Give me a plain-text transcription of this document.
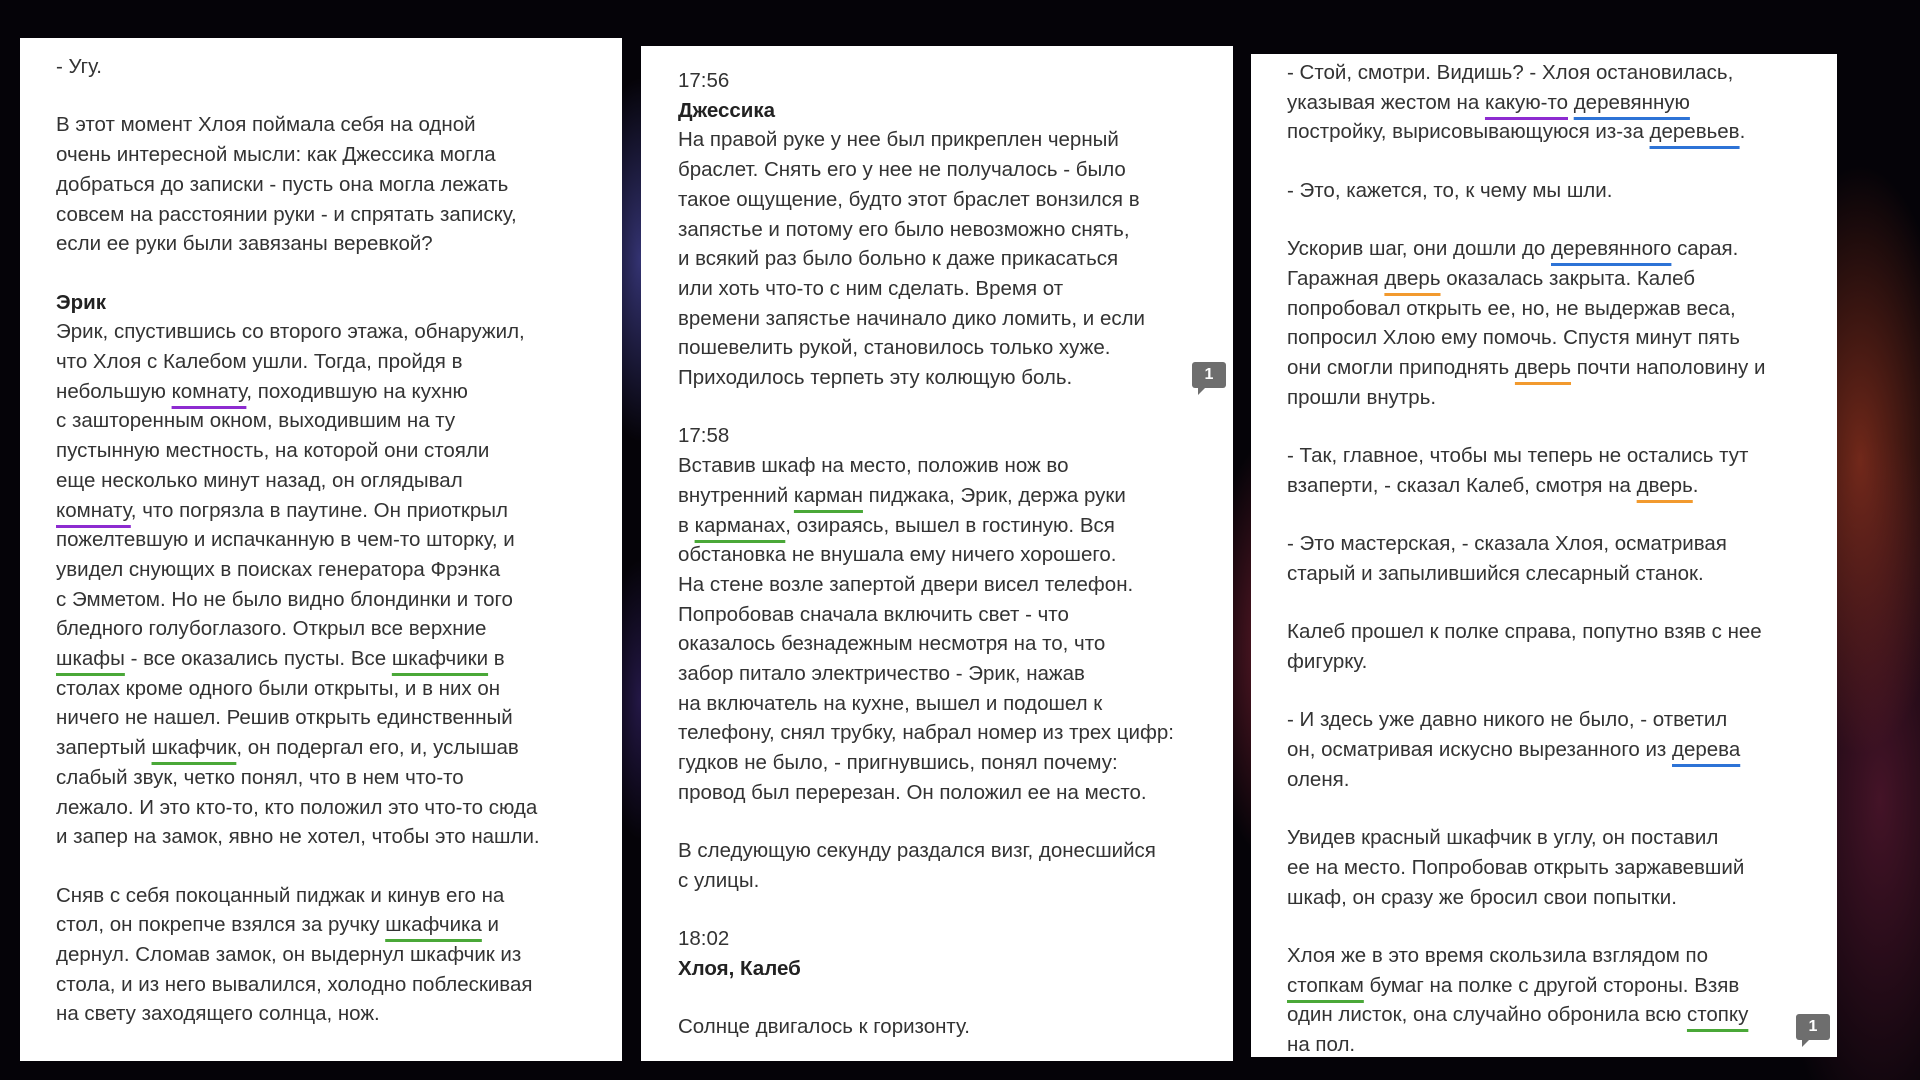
- Угу.
В этот момент Хлоя поймала себя на одной
очень интересной мысли: как Джессика могла
добраться до записки - пусть она могла лежать
совсем на расстоянии руки - и спрятать записку,
если ее руки были завязаны веревкой?
Эрик
Эрик, спустившись со второго этажа, обнаружил,
что Хлоя с Калебом ушли. Тогда, пройдя в
небольшую комнату, походившую на кухню
с зашторенным окном, выходившим на ту
пустынную местность, на которой они стояли
еще несколько минут назад, он оглядывал
комнату, что погрязла в паутине. Он приоткрыл
пожелтевшую и испачканную в чем-то шторку, и
увидел снующих в поисках генератора Фрэнка
с Эмметом. Но не было видно блондинки и того
бледного голубоглазого. Открыл все верхние
шкафы - все оказались пусты. Все шкафчики в
столах кроме одного были открыты, и в них он
ничего не нашел. Решив открыть единственный
запертый шкафчик, он подергал его, и, услышав
слабый звук, четко понял, что в нем что-то
лежало. И это кто-то, кто положил это что-то сюда
и запер на замок, явно не хотел, чтобы это нашли.
Сняв с себя покоцанный пиджак и кинув его на
стол, он покрепче взялся за ручку шкафчика и
дернул. Сломав замок, он выдернул шкафчик из
стола, и из него вывалился, холодно поблескивая
на свету заходящего солнца, нож.
17:56
Джессика
На правой руке у нее был прикреплен черный
браслет. Снять его у нее не получалось - было
такое ощущение, будто этот браслет вонзился в
запястье и потому его было невозможно снять,
и всякий раз было больно к даже прикасаться
или хоть что-то с ним сделать. Время от
времени запястье начинало дико ломить, и если
пошевелить рукой, становилось только хуже.
Приходилось терпеть эту колющую боль.
17:58
Вставив шкаф на место, положив нож во
внутренний карман пиджака, Эрик, держа руки
в карманах, озираясь, вышел в гостиную. Вся
обстановка не внушала ему ничего хорошего.
На стене возле запертой двери висел телефон.
Попробовав сначала включить свет - что
оказалось безнадежным несмотря на то, что
забор питало электричество - Эрик, нажав
на включатель на кухне, вышел и подошел к
телефону, снял трубку, набрал номер из трех цифр:
гудков не было, - пригнувшись, понял почему:
провод был перерезан. Он положил ее на место.
В следующую секунду раздался визг, донесшийся
с улицы.
18:02
Хлоя, Калеб
Солнце двигалось к горизонту.
- Стой, смотри. Видишь? - Хлоя остановилась,
указывая жестом на какую-то деревянную
постройку, вырисовывающуюся из-за деревьев.
- Это, кажется, то, к чему мы шли.
Ускорив шаг, они дошли до деревянного сарая.
Гаражная дверь оказалась закрыта. Калеб
попробовал открыть ее, но, не выдержав веса,
попросил Хлою ему помочь. Спустя минут пять
они смогли приподнять дверь почти наполовину и
прошли внутрь.
- Так, главное, чтобы мы теперь не остались тут
взаперти, - сказал Калеб, смотря на дверь.
- Это мастерская, - сказала Хлоя, осматривая
старый и запылившийся слесарный станок.
Калеб прошел к полке справа, попутно взяв с нее
фигурку.
- И здесь уже давно никого не было, - ответил
он, осматривая искусно вырезанного из дерева
оленя.
Увидев красный шкафчик в углу, он поставил
ее на место. Попробовав открыть заржавевший
шкаф, он сразу же бросил свои попытки.
Хлоя же в это время скользила взглядом по
стопкам бумаг на полке с другой стороны. Взяв
один листок, она случайно обронила всю стопку
на пол.
1
1
